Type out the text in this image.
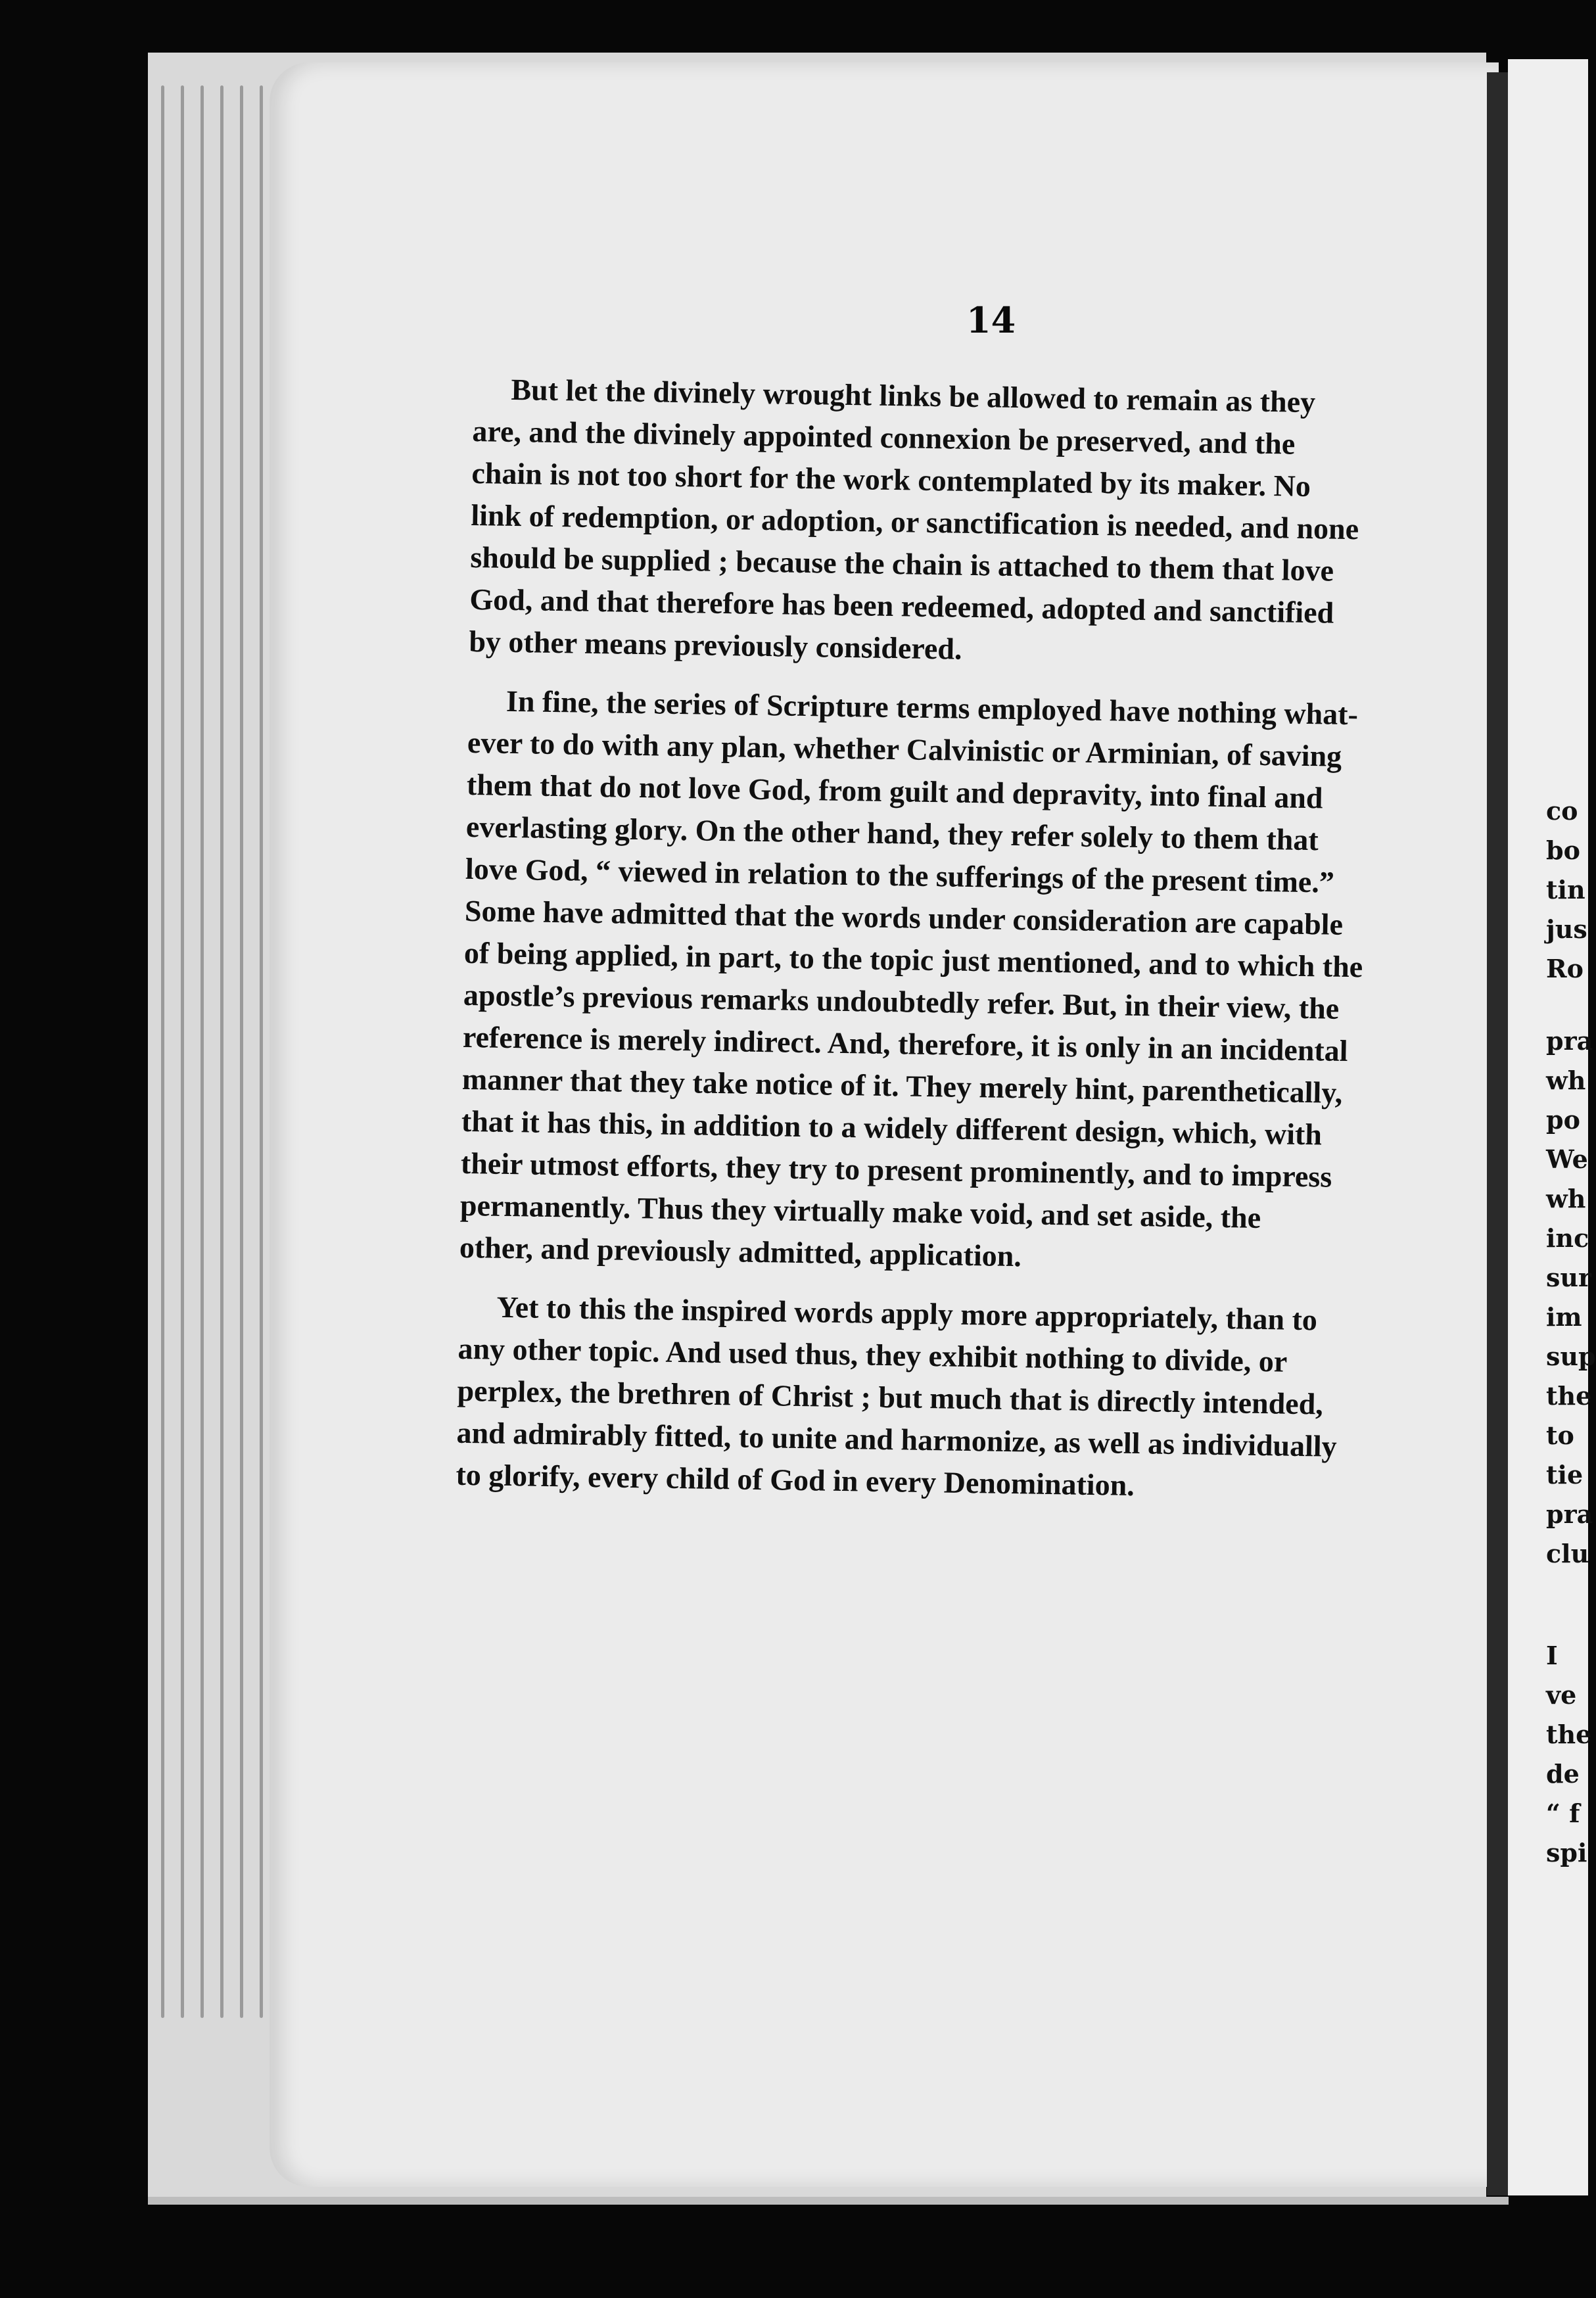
co
bo
tin
jus
Ro
pra
wh
po
We
wh
inc
sur
im
sup
the
to
tie
pra
clu
I
ve
the
de
“ f
spi
14
But let the divinely wrought links be allowed to remain as they
are, and the divinely appointed connexion be preserved, and the
chain is not too short for the work contemplated by its maker. No
link of redemption, or adoption, or sanctification is needed, and none
should be supplied ; because the chain is attached to them that love
God, and that therefore has been redeemed, adopted and sanctified
by other means previously considered.
In fine, the series of Scripture terms employed have nothing what-
ever to do with any plan, whether Calvinistic or Arminian, of saving
them that do not love God, from guilt and depravity, into final and
everlasting glory. On the other hand, they refer solely to them that
love God, “ viewed in relation to the sufferings of the present time.”
Some have admitted that the words under consideration are capable
of being applied, in part, to the topic just mentioned, and to which the
apostle’s previous remarks undoubtedly refer. But, in their view, the
reference is merely indirect. And, therefore, it is only in an incidental
manner that they take notice of it. They merely hint, parenthetically,
that it has this, in addition to a widely different design, which, with
their utmost efforts, they try to present prominently, and to impress
permanently. Thus they virtually make void, and set aside, the
other, and previously admitted, application.
Yet to this the inspired words apply more appropriately, than to
any other topic. And used thus, they exhibit nothing to divide, or
perplex, the brethren of Christ ; but much that is directly intended,
and admirably fitted, to unite and harmonize, as well as individually
to glorify, every child of God in every Denomination.
